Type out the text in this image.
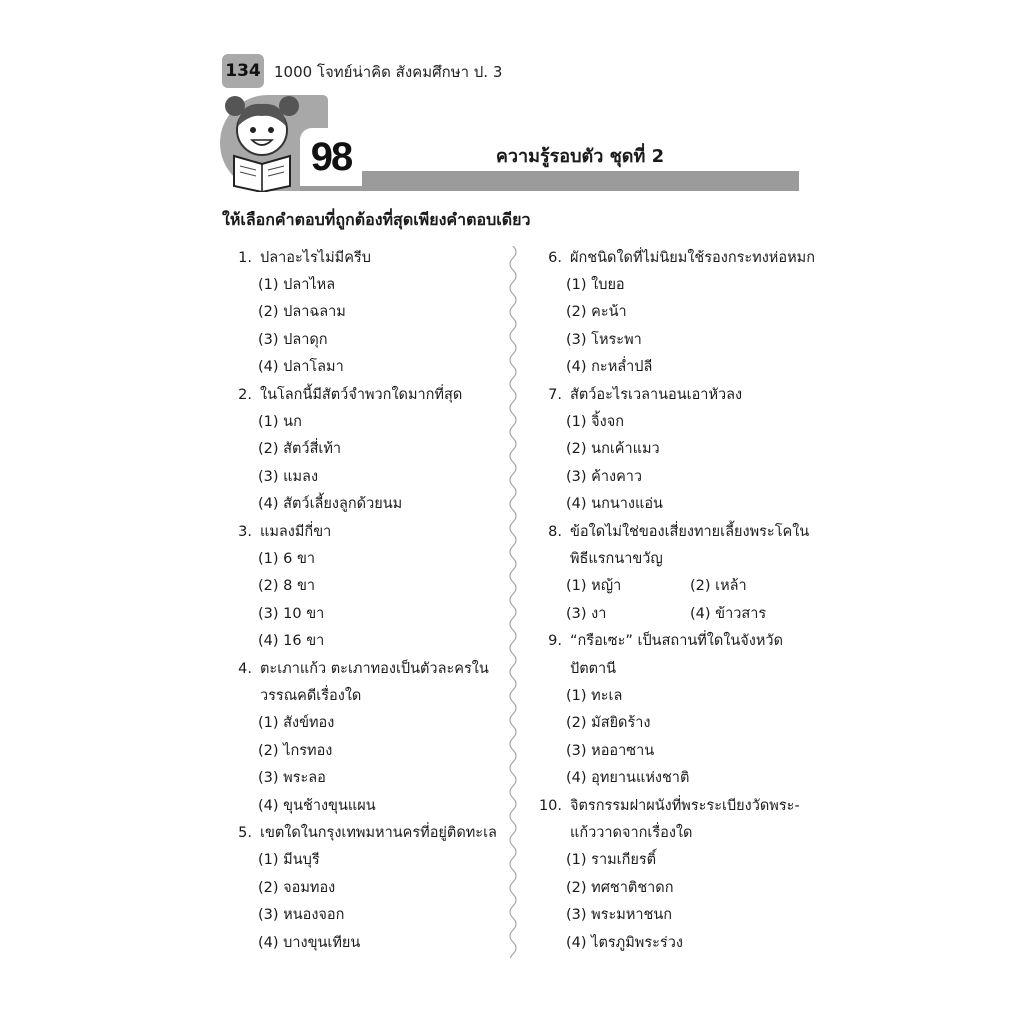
134 1000 โจทย์น่าคิด สังคมศึกษา ป. 3
98	ความรู้รอบตัว ชุดที่ 2
ให้เลือกคำตอบที่ถูกต้องที่สุดเพียงคำตอบเดียว
1. ปลาอะไรไม่มีครีบ
(1) ปลาไหล
(2) ปลาฉลาม
(3) ปลาดุก
(4) ปลาโลมา
2. ในโลกนี้มีสัตว์จำพวกใดมากที่สุด
(1) นก
(2) สัตว์สี่เท้า
(3) แมลง
(4) สัตว์เลี้ยงลูกด้วยนม
3. แมลงมีกี่ขา
(1) 6 ขา
(2) 8 ขา
(3) 10 ขา
(4) 16 ขา
4. ตะเภาแก้ว ตะเภาทองเป็นตัวละครใน
วรรณคดีเรื่องใด
(1) สังข์ทอง
(2) ไกรทอง
(3) พระลอ
(4) ขุนช้างขุนแผน
5. เขตใดในกรุงเทพมหานครที่อยู่ติดทะเล
(1) มีนบุรี
(2) จอมทอง
(3) หนองจอก
(4) บางขุนเทียน
6. ผักชนิดใดที่ไม่นิยมใช้รองกระทงห่อหมก
(1) ใบยอ
(2) คะน้า
(3) โหระพา
(4) กะหล่ำปลี
7. สัตว์อะไรเวลานอนเอาหัวลง
(1) จิ้งจก
(2) นกเค้าแมว
(3) ค้างคาว
(4) นกนางแอ่น
8. ข้อใดไม่ใช่ของเสี่ยงทายเลี้ยงพระโคใน
พิธีแรกนาขวัญ
(1) หญ้า	(2) เหล้า
(3) งา	(4) ข้าวสาร
9. “กรือเซะ” เป็นสถานที่ใดในจังหวัด
ปัตตานี
(1) ทะเล
(2) มัสยิดร้าง
(3) หออาซาน
(4) อุทยานแห่งชาติ
10. จิตรกรรมฝาผนังที่พระระเบียงวัดพระ-
แก้ววาดจากเรื่องใด
(1) รามเกียรติ์
(2) ทศชาติชาดก
(3) พระมหาชนก
(4) ไตรภูมิพระร่วง
